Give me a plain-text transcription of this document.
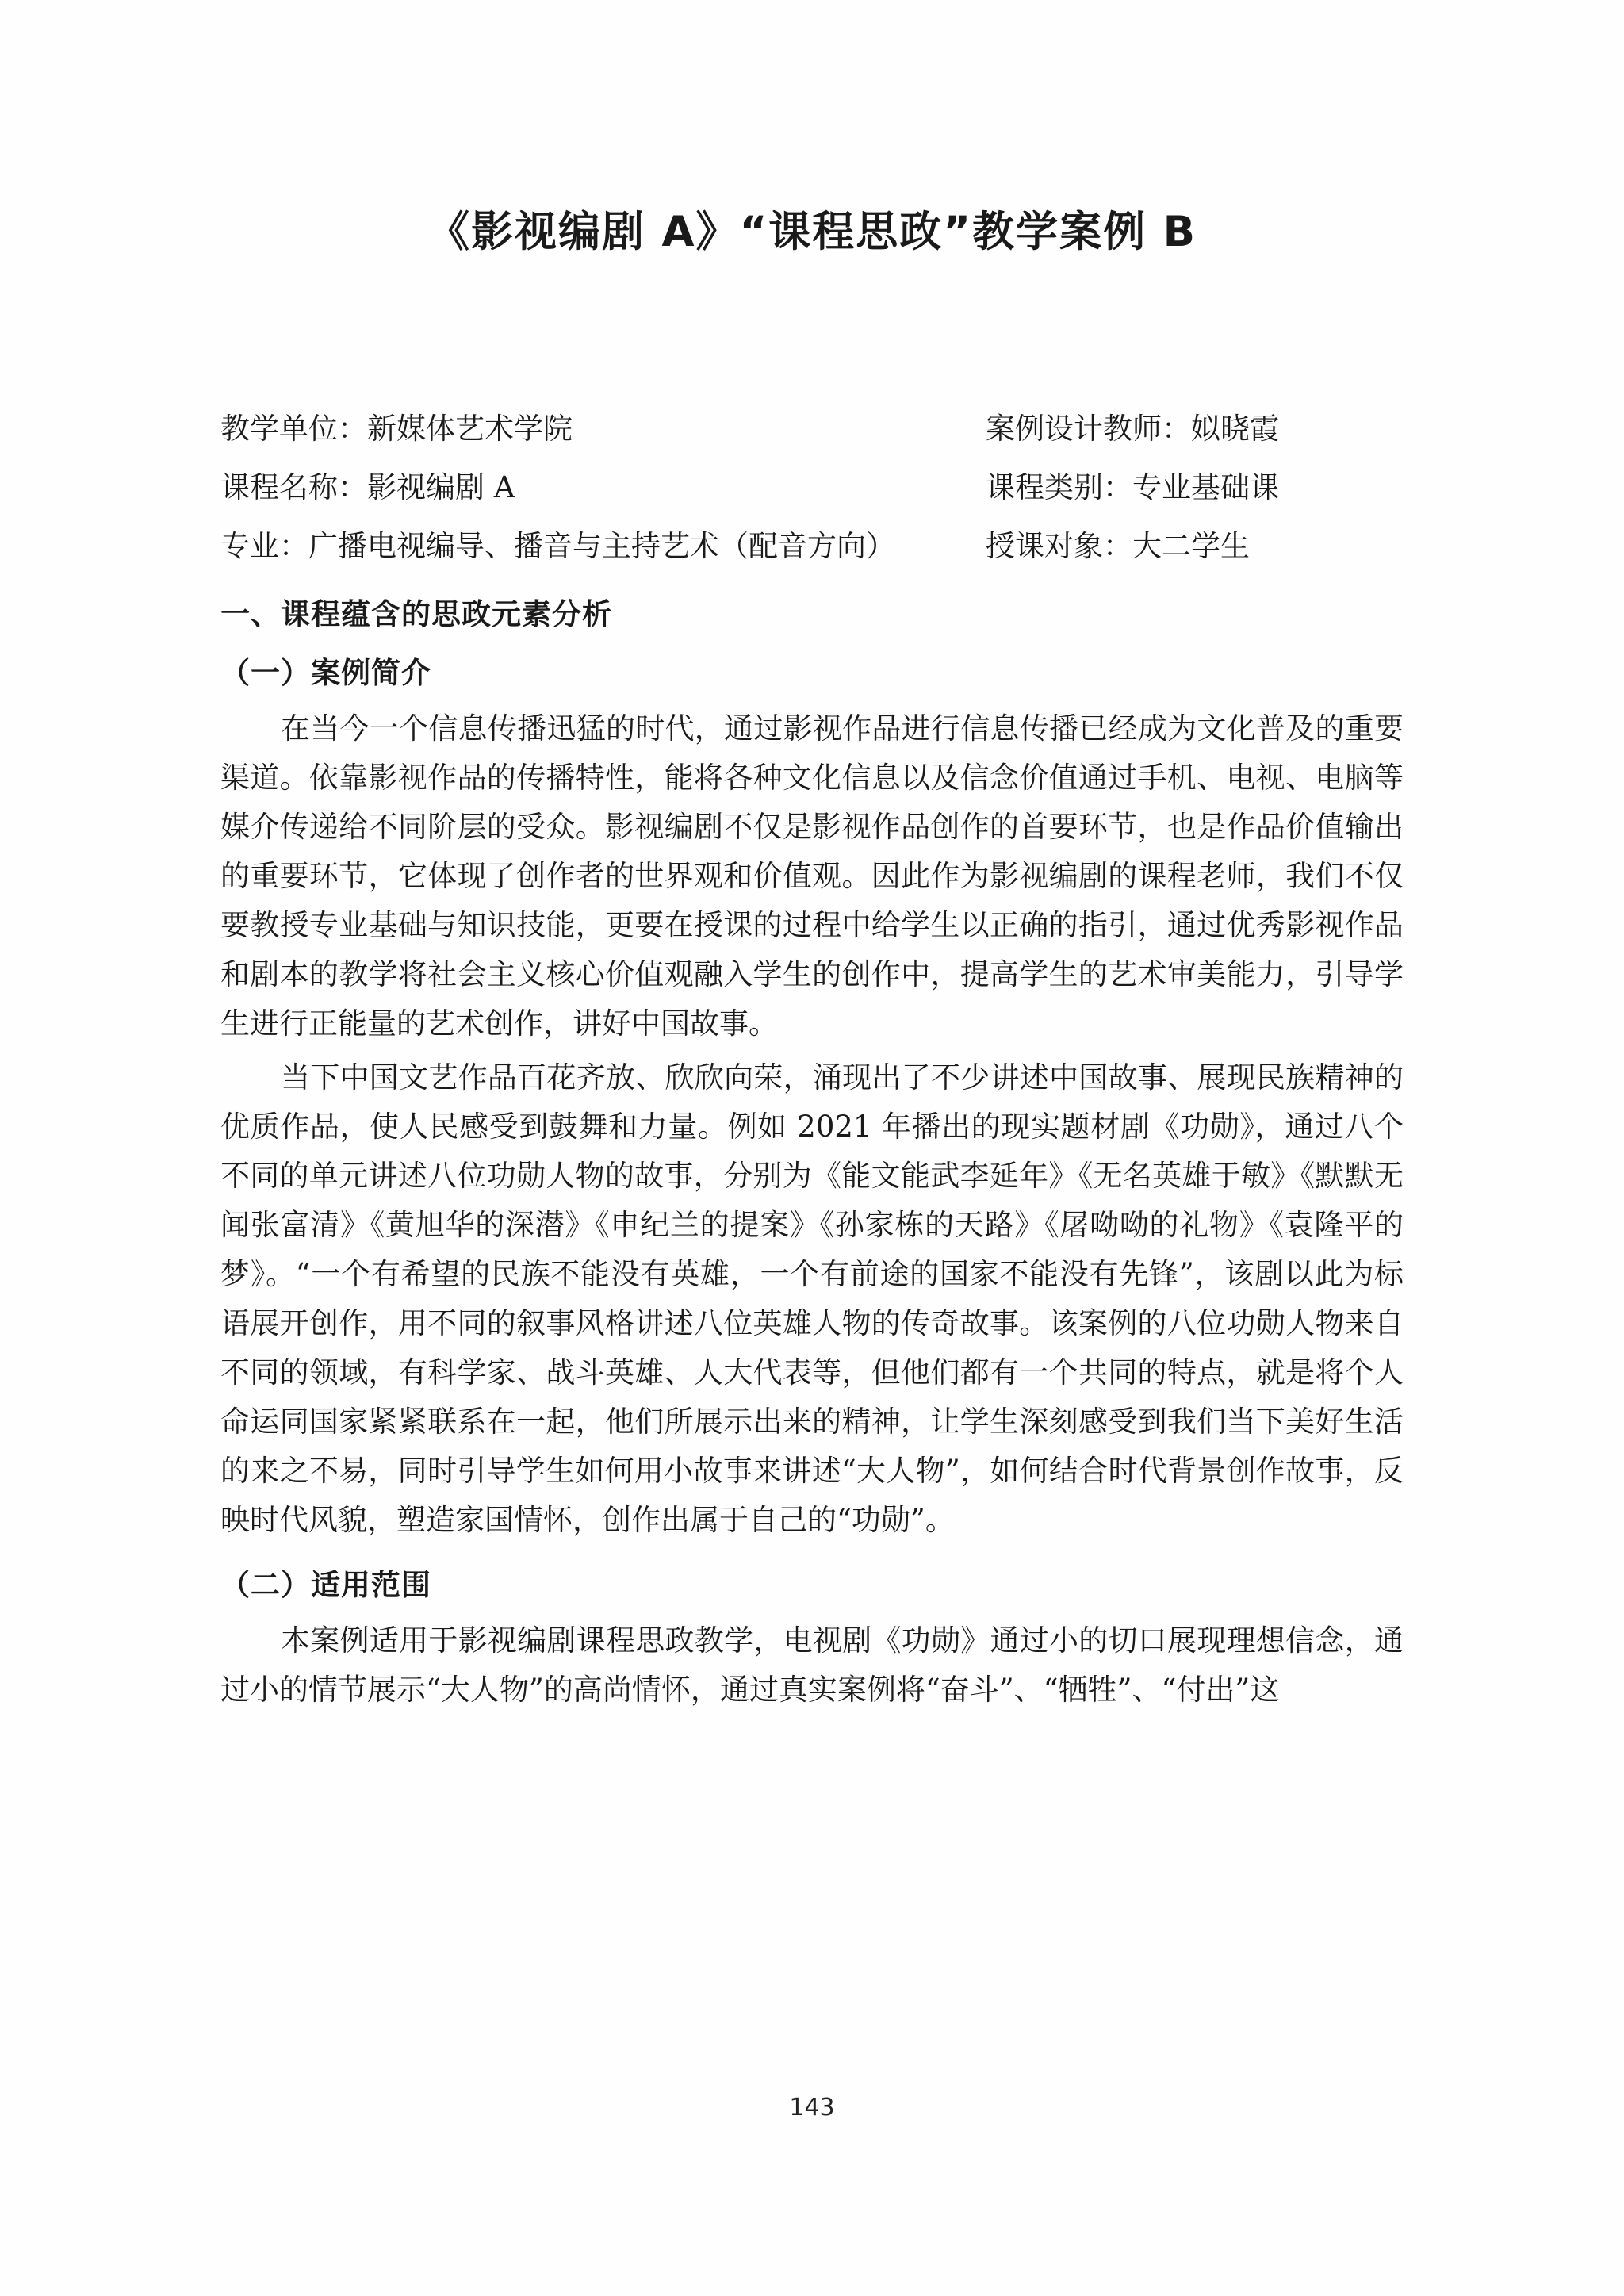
《影视编剧 A》“课程思政”教学案例 B
教学单位：新媒体艺术学院	案例设计教师：姒晓霞
课程名称：影视编剧 A	课程类别：专业基础课
专业：广播电视编导、播音与主持艺术（配音方向）	授课对象：大二学生
一、课程蕴含的思政元素分析
（一）案例简介

在当今一个信息传播迅猛的时代，通过影视作品进行信息传播已经成为文化普及的重要渠道。依靠影视作品的传播特性，能将各种文化信息以及信念价值通过手机、电视、电脑等媒介传递给不同阶层的受众。影视编剧不仅是影视作品创作的首要环节，也是作品价值输出的重要环节，它体现了创作者的世界观和价值观。因此作为影视编剧的课程老师，我们不仅要教授专业基础与知识技能，更要在授课的过程中给学生以正确的指引，通过优秀影视作品和剧本的教学将社会主义核心价值观融入学生的创作中，提高学生的艺术审美能力，引导学生进行正能量的艺术创作，讲好中国故事。

当下中国文艺作品百花齐放、欣欣向荣，涌现出了不少讲述中国故事、展现民族精神的优质作品，使人民感受到鼓舞和力量。例如 2021 年播出的现实题材剧《功勋》，通过八个不同的单元讲述八位功勋人物的故事，分别为《能文能武李延年》《无名英雄于敏》《默默无闻张富清》《黄旭华的深潜》《申纪兰的提案》《孙家栋的天路》《屠呦呦的礼物》《袁隆平的梦》。“一个有希望的民族不能没有英雄，一个有前途的国家不能没有先锋”，该剧以此为标语展开创作，用不同的叙事风格讲述八位英雄人物的传奇故事。该案例的八位功勋人物来自不同的领域，有科学家、战斗英雄、人大代表等，但他们都有一个共同的特点，就是将个人命运同国家紧紧联系在一起，他们所展示出来的精神，让学生深刻感受到我们当下美好生活的来之不易，同时引导学生如何用小故事来讲述“大人物”，如何结合时代背景创作故事，反映时代风貌，塑造家国情怀，创作出属于自己的“功勋”。

（二）适用范围

本案例适用于影视编剧课程思政教学，电视剧《功勋》通过小的切口展现理想信念，通过小的情节展示“大人物”的高尚情怀，通过真实案例将“奋斗”、“牺牲”、“付出”这

143
